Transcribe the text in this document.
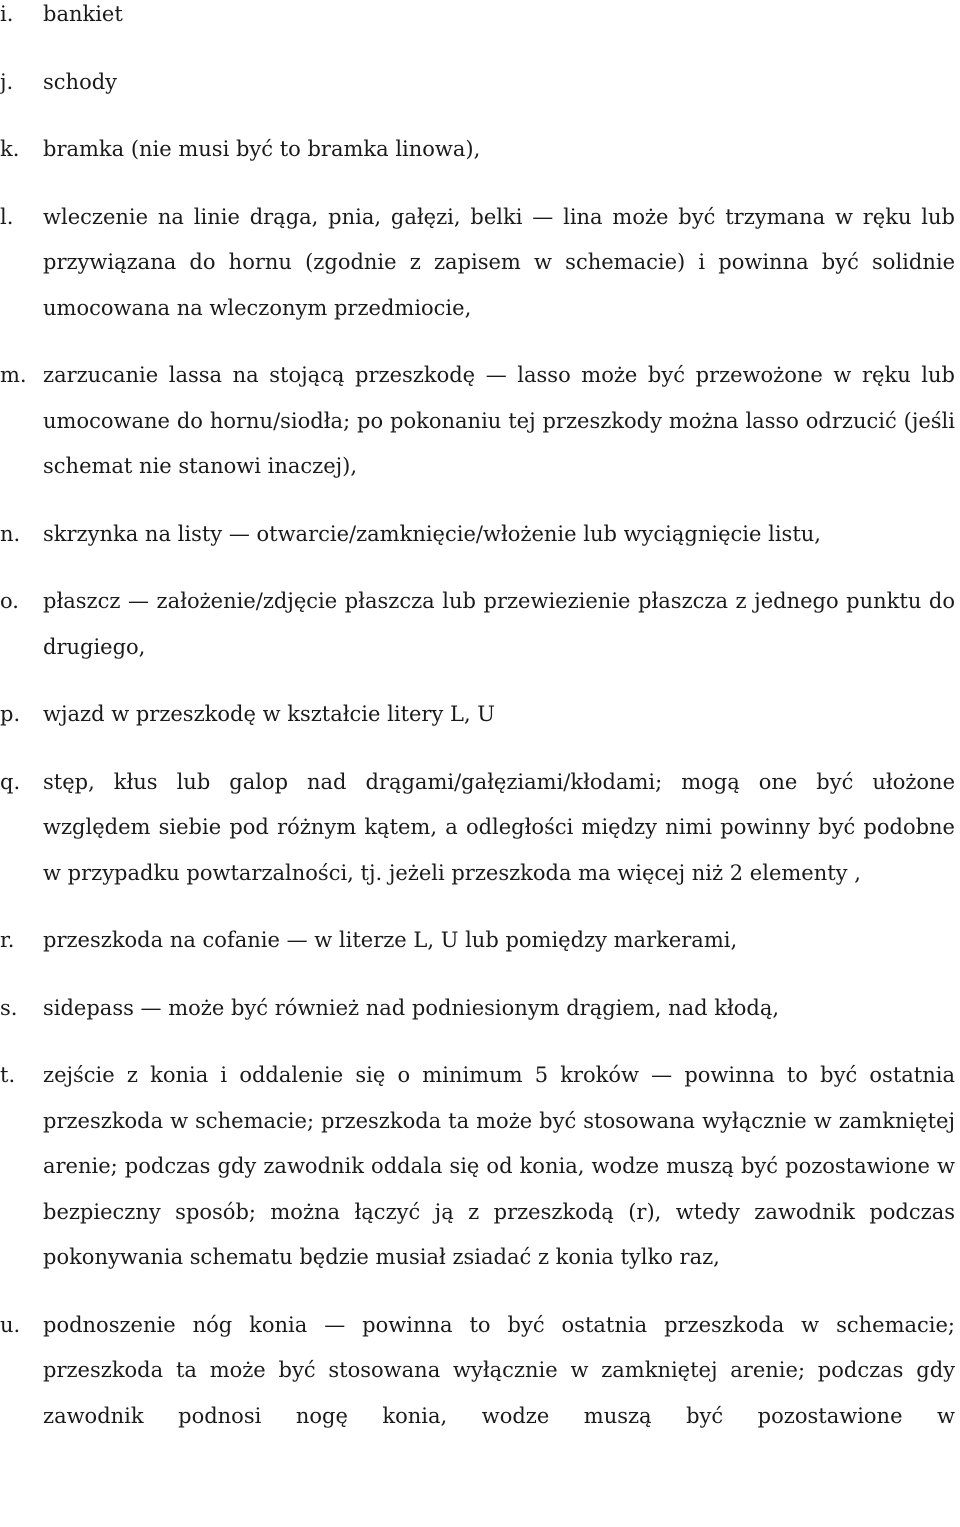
i.	bankiet
j.	schody
k.	bramka (nie musi być to bramka linowa),
l.	wleczenie na linie drąga, pnia, gałęzi, belki — lina może być trzymana w ręku lub przywiązana do hornu (zgodnie z zapisem w schemacie) i powinna być solidnie umocowana na wleczonym przedmiocie,
m. zarzucanie lassa na stojącą przeszkodę — lasso może być przewożone w ręku lub umocowane do hornu/siodła; po pokonaniu tej przeszkody można lasso odrzucić (jeśli schemat nie stanowi inaczej),
n.	skrzynka na listy — otwarcie/zamknięcie/włożenie lub wyciągnięcie listu,
o.	płaszcz — założenie/zdjęcie płaszcza lub przewiezienie płaszcza z jednego punktu do drugiego,
p.	wjazd w przeszkodę w kształcie litery L, U
q.	stęp, kłus lub galop nad drągami/gałęziami/kłodami; mogą one być ułożone względem siebie pod różnym kątem, a odległości między nimi powinny być podobne w przypadku powtarzalności, tj. jeżeli przeszkoda ma więcej niż 2 elementy ,
r.	przeszkoda na cofanie — w literze L, U lub pomiędzy markerami,
s.	sidepass — może być również nad podniesionym drągiem, nad kłodą,
t.	zejście z konia i oddalenie się o minimum 5 kroków — powinna to być ostatnia przeszkoda w schemacie; przeszkoda ta może być stosowana wyłącznie w zamkniętej arenie; podczas gdy zawodnik oddala się od konia, wodze muszą być pozostawione w bezpieczny sposób; można łączyć ją z przeszkodą (r), wtedy zawodnik podczas pokonywania schematu będzie musiał zsiadać z konia tylko raz,
u.	podnoszenie nóg konia — powinna to być ostatnia przeszkoda w schemacie; przeszkoda ta może być stosowana wyłącznie w zamkniętej arenie; podczas gdy zawodnik podnosi nogę konia, wodze muszą być pozostawione w
